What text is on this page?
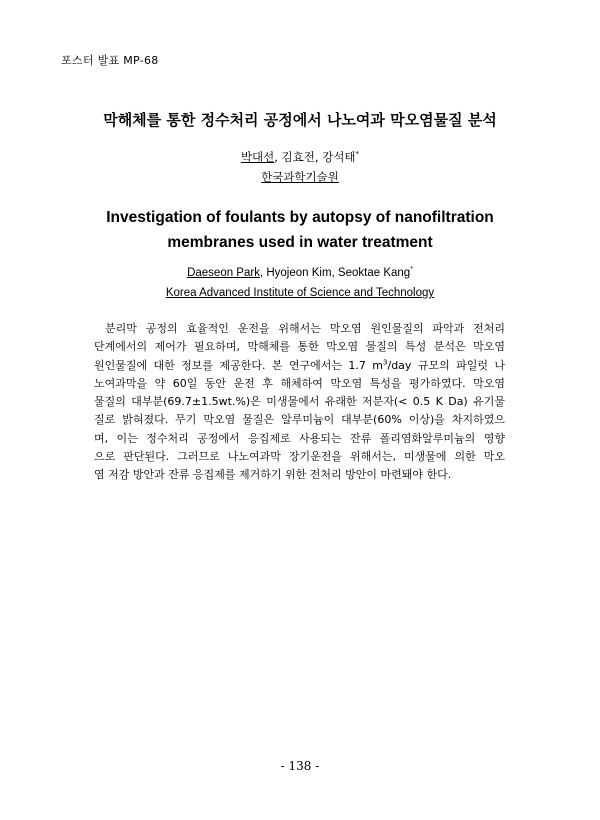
포스터 발표 MP-68
막해체를 통한 정수처리 공정에서 나노여과 막오염물질 분석
박대선, 김효전, 강석태*
한국과학기술원
Investigation of foulants by autopsy of nanofiltration
membranes used in water treatment
Daeseon Park, Hyojeon Kim, Seoktae Kang*
Korea Advanced Institute of Science and Technology
분리막 공정의 효율적인 운전을 위해서는 막오염 원인물질의 파악과 전처리
단계에서의 제어가 필요하며, 막해체를 통한 막오염 물질의 특성 분석은 막오염
원인물질에 대한 정보를 제공한다. 본 연구에서는 1.7 $m^3$/day 규모의 파일럿 나
노여과막을 약 60일 동안 운전 후 해체하여 막오염 특성을 평가하였다. 막오염
물질의 대부분(69.7±1.5wt.%)은 미생물에서 유래한 저분자(< 0.5 K Da) 유기물
질로 밝혀졌다. 무기 막오염 물질은 알루미늄이 대부분(60% 이상)을 차지하였으
며, 이는 정수처리 공정에서 응집제로 사용되는 잔류 폴리염화알루미늄의 영향
으로 판단된다. 그러므로 나노여과막 장기운전을 위해서는, 미생물에 의한 막오
염 저감 방안과 잔류 응집제를 제거하기 위한 전처리 방안이 마련돼야 한다.
- 138 -
